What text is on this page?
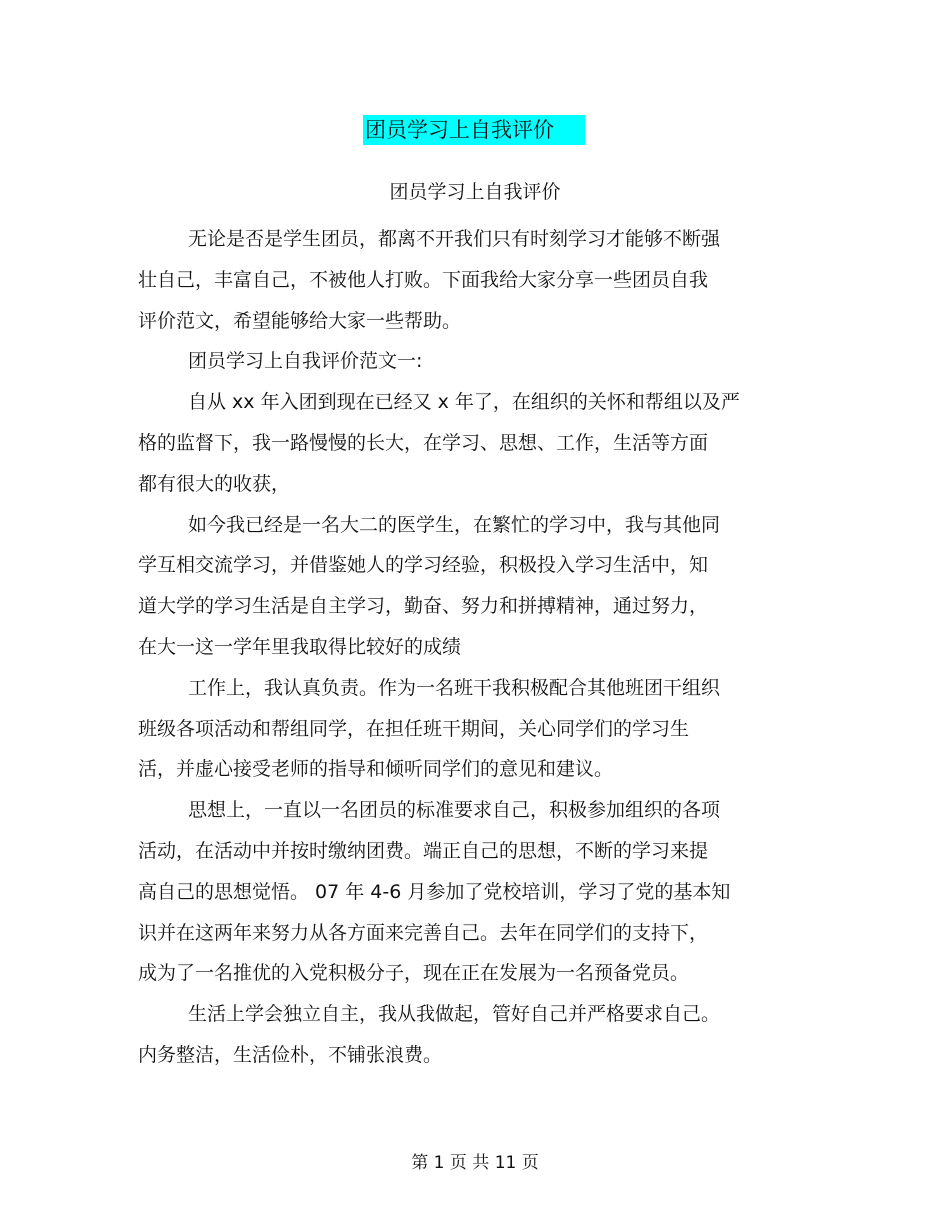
团员学习上自我评价
团员学习上自我评价
无论是否是学生团员，都离不开我们只有时刻学习才能够不断强
壮自己，丰富自己，不被他人打败。下面我给大家分享一些团员自我
评价范文，希望能够给大家一些帮助。
团员学习上自我评价范文一:
自从 xx 年入团到现在已经又 x 年了，在组织的关怀和帮组以及严
格的监督下，我一路慢慢的长大，在学习、思想、工作，生活等方面
都有很大的收获，
如今我已经是一名大二的医学生，在繁忙的学习中，我与其他同
学互相交流学习，并借鉴她人的学习经验，积极投入学习生活中，知
道大学的学习生活是自主学习，勤奋、努力和拼搏精神，通过努力，
在大一这一学年里我取得比较好的成绩
工作上，我认真负责。作为一名班干我积极配合其他班团干组织
班级各项活动和帮组同学，在担任班干期间，关心同学们的学习生
活，并虚心接受老师的指导和倾听同学们的意见和建议。
思想上，一直以一名团员的标准要求自己，积极参加组织的各项
活动，在活动中并按时缴纳团费。端正自己的思想，不断的学习来提
高自己的思想觉悟。 07 年 4-6 月参加了党校培训，学习了党的基本知
识并在这两年来努力从各方面来完善自己。去年在同学们的支持下，
成为了一名推优的入党积极分子，现在正在发展为一名预备党员。
生活上学会独立自主，我从我做起，管好自己并严格要求自己。
内务整洁，生活俭朴，不铺张浪费。
第 1 页 共 11 页
